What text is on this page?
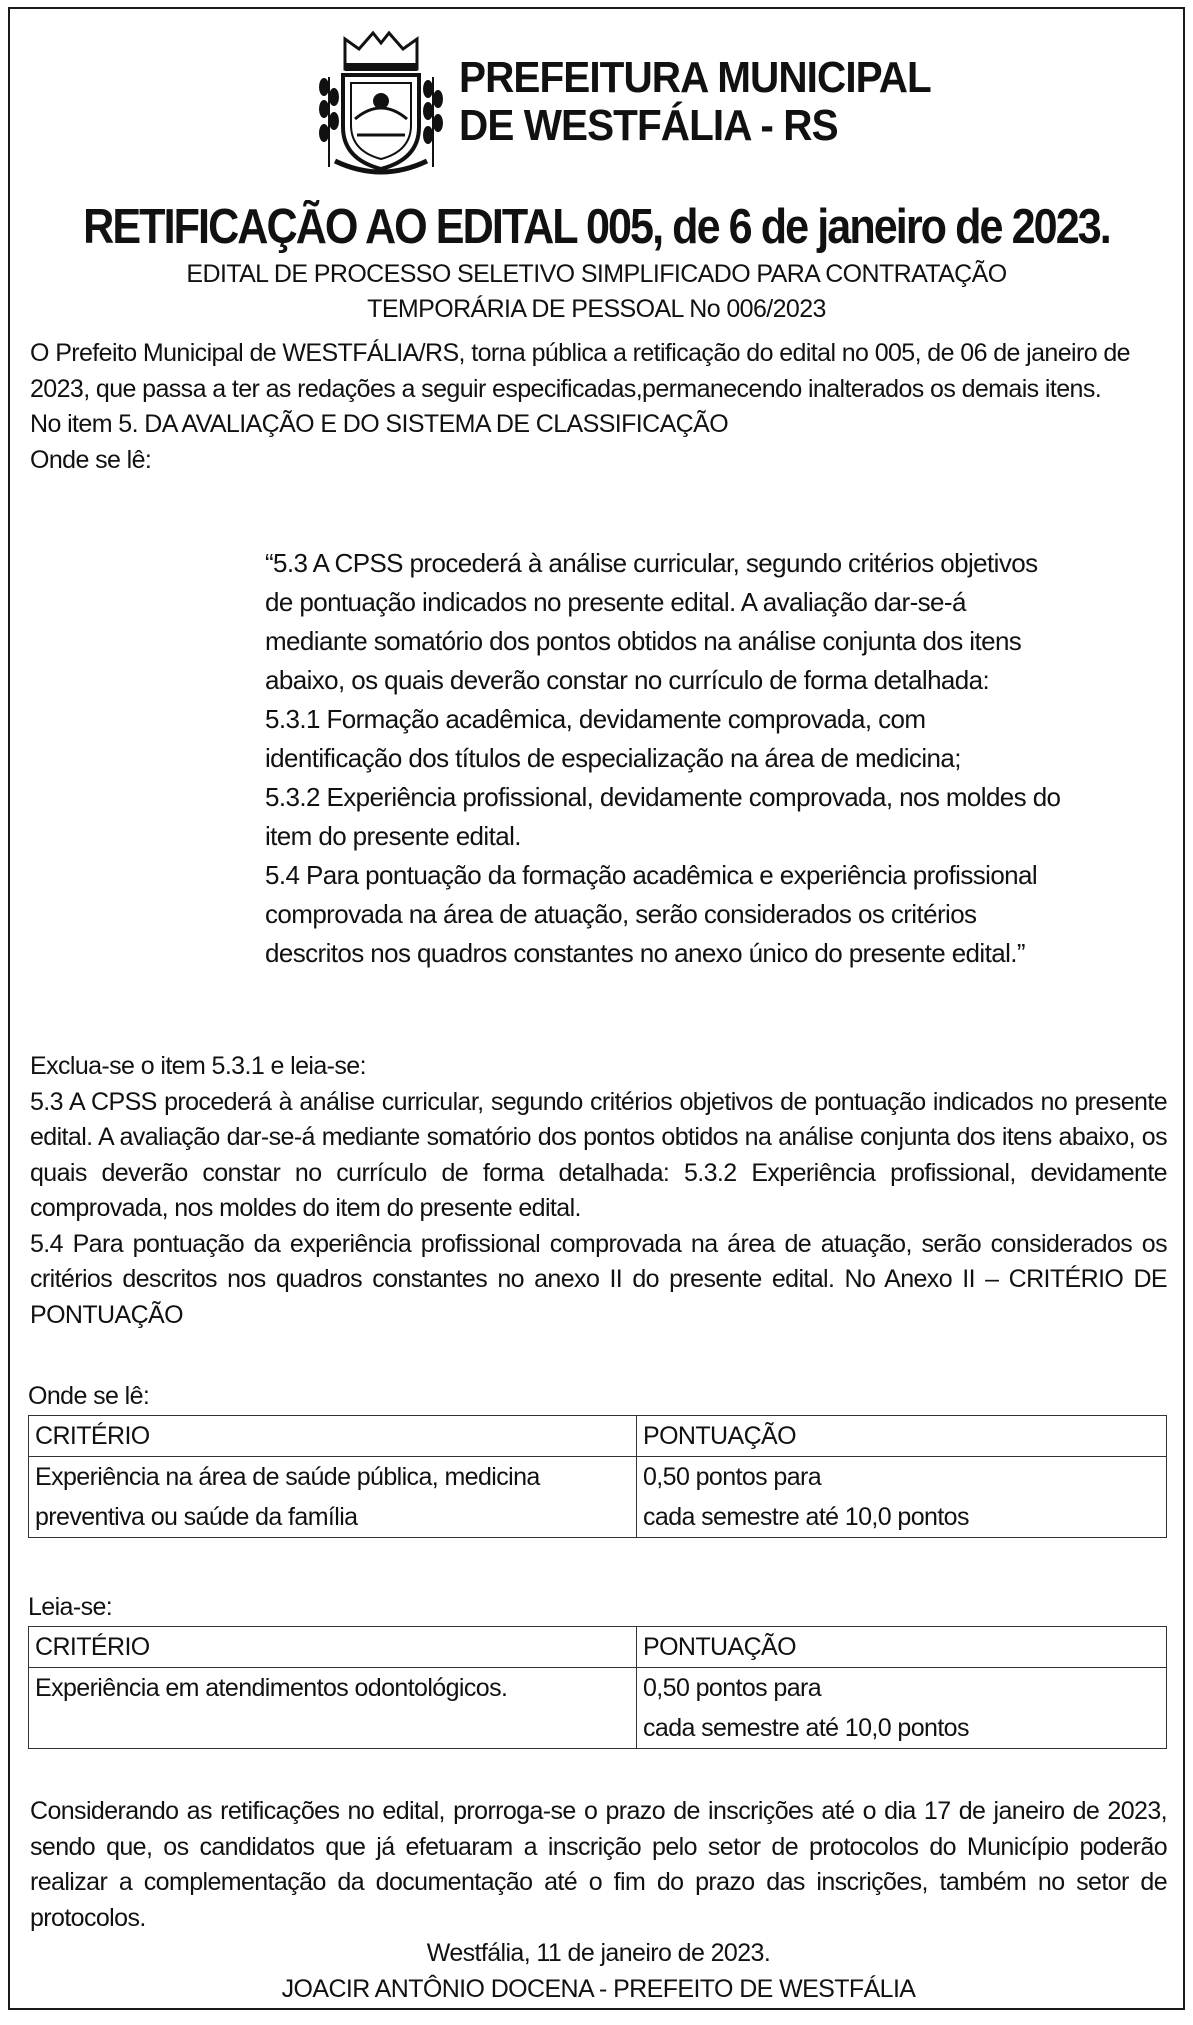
PREFEITURA MUNICIPAL
DE WESTFÁLIA - RS
RETIFICAÇÃO AO EDITAL 005, de 6 de janeiro de 2023.
EDITAL DE PROCESSO SELETIVO SIMPLIFICADO PARA CONTRATAÇÃO
TEMPORÁRIA DE PESSOAL No 006/2023

O Prefeito Municipal de WESTFÁLIA/RS, torna pública a retificação do edital no 005, de 06 de janeiro de 2023, que passa a ter as redações a seguir especificadas,permanecendo inalterados os demais itens.

No item 5. DA AVALIAÇÃO E DO SISTEMA DE CLASSIFICAÇÃO

Onde se lê:

“5.3 A CPSS procederá à análise curricular, segundo critérios objetivos de pontuação indicados no presente edital. A avaliação dar-se-á mediante somatório dos pontos obtidos na análise conjunta dos itens abaixo, os quais deverão constar no currículo de forma detalhada:

5.3.1 Formação acadêmica, devidamente comprovada, com identificação dos títulos de especialização na área de medicina;

5.3.2 Experiência profissional, devidamente comprovada, nos moldes do item do presente edital.

5.4 Para pontuação da formação acadêmica e experiência profissional comprovada na área de atuação, serão considerados os critérios descritos nos quadros constantes no anexo único do presente edital.”

Exclua-se o item 5.3.1 e leia-se:

5.3 A CPSS procederá à análise curricular, segundo critérios objetivos de pontuação indicados no presente edital. A avaliação dar-se-á mediante somatório dos pontos obtidos na análise conjunta dos itens abaixo, os quais deverão constar no currículo de forma detalhada: 5.3.2 Experiência profissional, devidamente comprovada, nos moldes do item do presente edital.

5.4 Para pontuação da experiência profissional comprovada na área de atuação, serão considerados os critérios descritos nos quadros constantes no anexo II do presente edital. No Anexo II – CRITÉRIO DE PONTUAÇÃO

Onde se lê:

CRITÉRIO	PONTUAÇÃO
Experiência na área de saúde pública, medicina preventiva ou saúde da família	0,50 pontos para
cada semestre até 10,0 pontos

Leia-se:

CRITÉRIO	PONTUAÇÃO
Experiência em atendimentos odontológicos.	0,50 pontos para
cada semestre até 10,0 pontos

Considerando as retificações no edital, prorroga-se o prazo de inscrições até o dia 17 de janeiro de 2023, sendo que, os candidatos que já efetuaram a inscrição pelo setor de protocolos do Município poderão realizar a complementação da documentação até o fim do prazo das inscrições, também no setor de protocolos.

Westfália, 11 de janeiro de 2023.

JOACIR ANTÔNIO DOCENA - PREFEITO DE WESTFÁLIA
